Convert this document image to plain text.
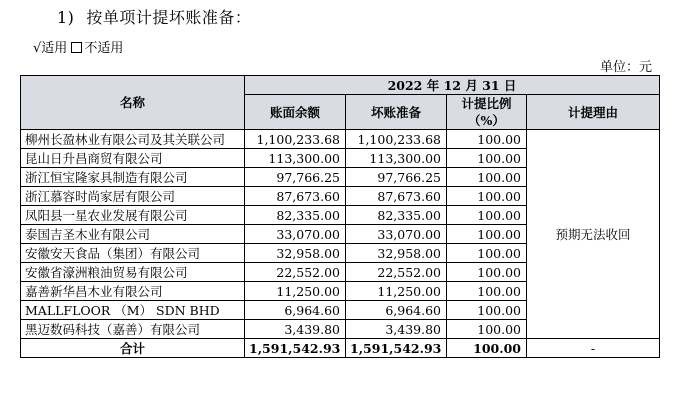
1) 按单项计提坏账准备：
√适用 不适用
单位：元
名称	2022 年 12 月 31 日			
	账面余额	坏账准备	计提比例（%）	计提理由
柳州长盈林业有限公司及其关联公司	1,100,233.68	1,100,233.68	100.00	预期无法收回
昆山日升昌商贸有限公司	113,300.00	113,300.00	100.00	
浙江恒宝隆家具制造有限公司	97,766.25	97,766.25	100.00	
浙江慕容时尚家居有限公司	87,673.60	87,673.60	100.00	
凤阳县一星农业发展有限公司	82,335.00	82,335.00	100.00	
泰国吉圣木业有限公司	33,070.00	33,070.00	100.00	
安徽安天食品（集团）有限公司	32,958.00	32,958.00	100.00	
安徽省濠洲粮油贸易有限公司	22,552.00	22,552.00	100.00	
嘉善新华昌木业有限公司	11,250.00	11,250.00	100.00	
MALLFLOOR （M） SDN BHD	6,964.60	6,964.60	100.00	
黑迈数码科技（嘉善）有限公司	3,439.80	3,439.80	100.00	
合计	1,591,542.93	1,591,542.93	100.00	-
